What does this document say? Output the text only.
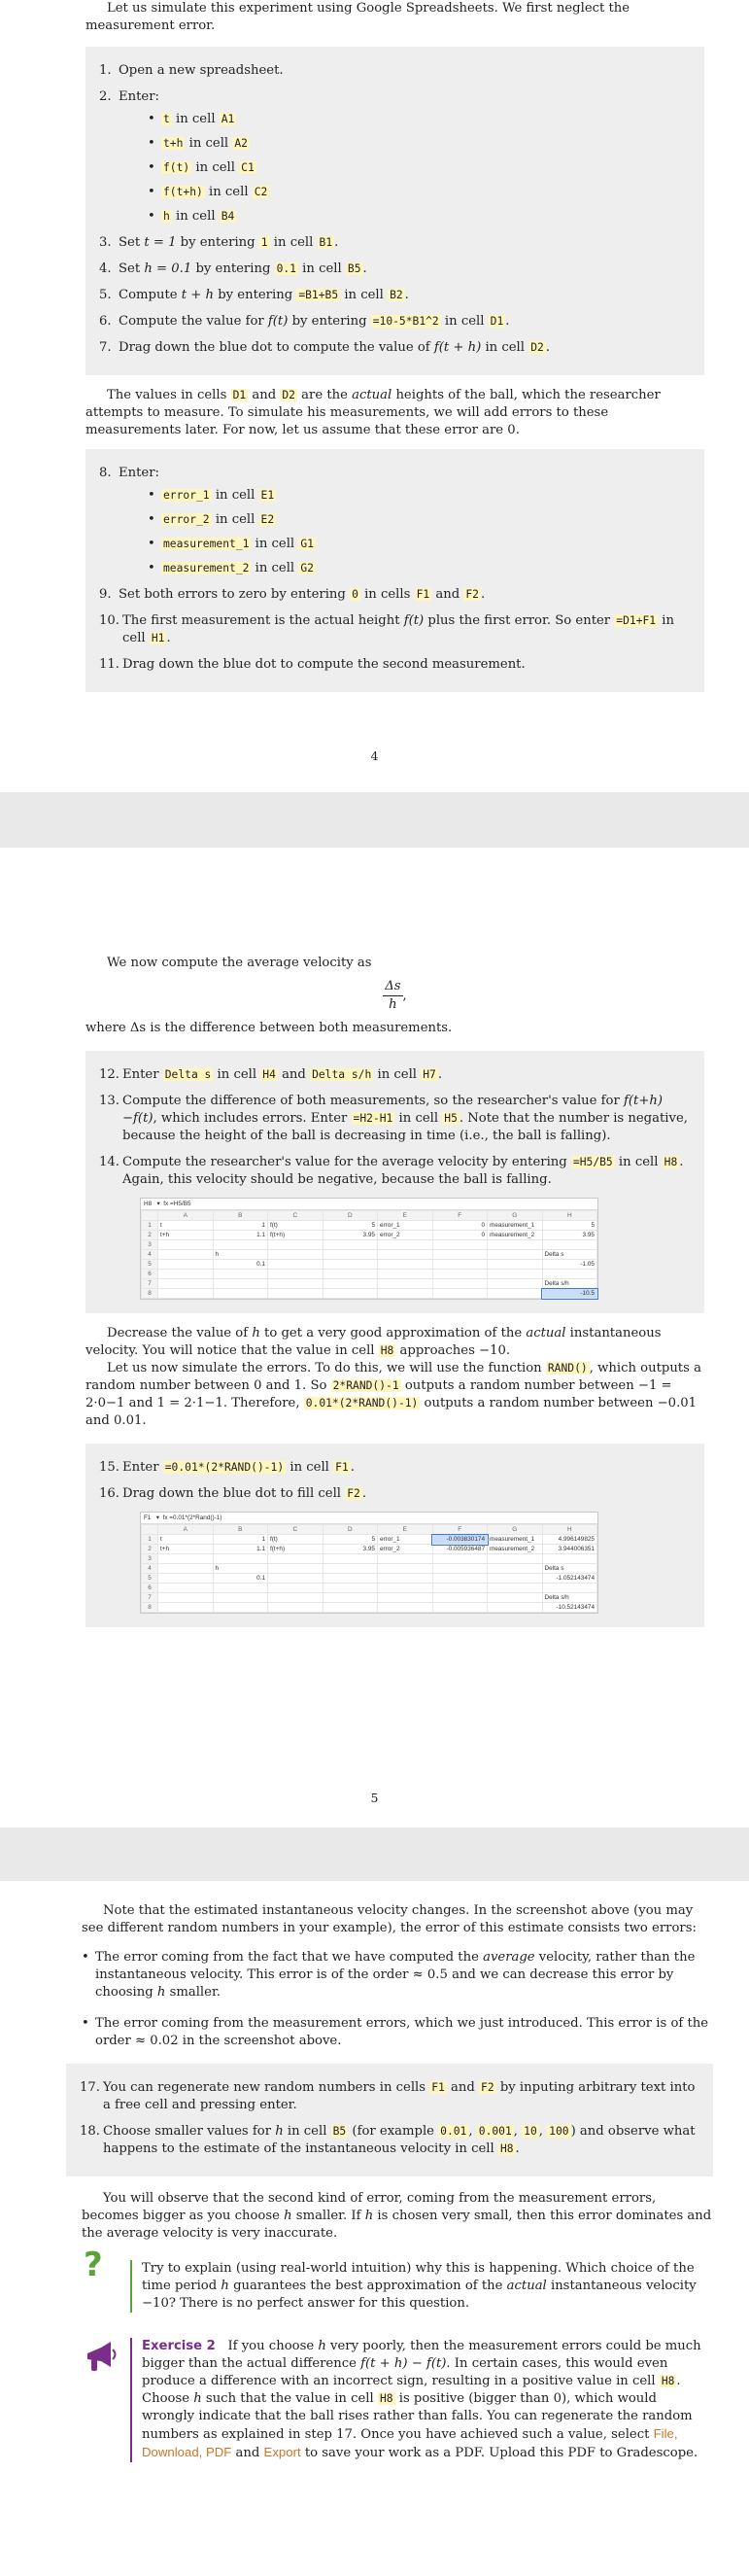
Let us simulate this experiment using Google Spreadsheets. We first neglect the measurement error.

1. Open a new spreadsheet.
2. Enter:
• t in cell A1
• t+h in cell A2
• f(t) in cell C1
• f(t+h) in cell C2
• h in cell B4
3. Set t = 1 by entering 1 in cell B1 .
4. Set h = 0.1 by entering 0.1 in cell B5 .
5. Compute t + h by entering =B1+B5 in cell B2 .
6. Compute the value for f(t) by entering =10-5*B1^2 in cell D1 .
7. Drag down the blue dot to compute the value of f(t + h) in cell D2 .

The values in cells D1 and D2 are the actual heights of the ball, which the researcher attempts to measure. To simulate his measurements, we will add errors to these measurements later. For now, let us assume that these error are 0.

8. Enter:
• error_1 in cell E1
• error_2 in cell E2
• measurement_1 in cell G1
• measurement_2 in cell G2
9. Set both errors to zero by entering 0 in cells F1 and F2 .
10. The first measurement is the actual height f(t) plus the first error. So enter =D1+F1 in cell H1 .
11. Drag down the blue dot to compute the second measurement.
4

We now compute the average velocity as

$\frac{\Delta s}{h}$ ,

where Δs is the difference between both measurements.

12. Enter Delta s in cell H4 and Delta s/h in cell H7 .
13. Compute the difference of both measurements, so the researcher's value for f(t+h)−f(t), which includes errors. Enter =H2-H1 in cell H5 . Note that the number is negative, because the height of the ball is decreasing in time (i.e., the ball is falling).
14. Compute the researcher's value for the average velocity by entering =H5/B5 in cell H8 . Again, this velocity should be negative, because the ball is falling.
H8   ▾  fx =H5/B5
	A	B	C	D	E	F	G	H
1	t	1	f(t)	5	error_1	0	measurement_1	5
2	t+h	1.1	f(t+h)	3.95	error_2	0	measurement_2	3.95
3								
4		h						Delta s
5		0.1						-1.05
6								
7								Delta s/h
8								-10.5

Decrease the value of h to get a very good approximation of the actual instantaneous velocity. You will notice that the value in cell H8 approaches −10.

Let us now simulate the errors. To do this, we will use the function RAND() , which outputs a random number between 0 and 1. So 2*RAND()-1 outputs a random number between −1 = 2·0−1 and 1 = 2·1−1. Therefore, 0.01*(2*RAND()-1) outputs a random number between −0.01 and 0.01.

15. Enter =0.01*(2*RAND()-1) in cell F1 .
16. Drag down the blue dot to fill cell F2 .
F1   ▾  fx =0.01*(2*Rand()-1)
	A	B	C	D	E	F	G	H
1	t	1	f(t)	5	error_1	-0.003830174	measurement_1	4.996149825
2	t+h	1.1	f(t+h)	3.95	error_2	-0.005936487	measurement_2	3.944006351
3								
4		h						Delta s
5		0.1						-1.052143474
6								
7								Delta s/h
8								-10.52143474
5

Note that the estimated instantaneous velocity changes. In the screenshot above (you may see different random numbers in your example), the error of this estimate consists two errors:

• The error coming from the fact that we have computed the average velocity, rather than the instantaneous velocity. This error is of the order ≈ 0.5 and we can decrease this error by choosing h smaller.
• The error coming from the measurement errors, which we just introduced. This error is of the order ≈ 0.02 in the screenshot above.
17. You can regenerate new random numbers in cells F1 and F2 by inputing arbitrary text into a free cell and pressing enter.
18. Choose smaller values for h in cell B5 (for example 0.01 , 0.001 , 10 , 100 ) and observe what happens to the estimate of the instantaneous velocity in cell H8 .

You will observe that the second kind of error, coming from the measurement errors, becomes bigger as you choose h smaller. If h is chosen very small, then this error dominates and the average velocity is very inaccurate.

?	Try to explain (using real-world intuition) why this is happening. Which choice of the time period h guarantees the best approximation of the actual instantaneous velocity −10? There is no perfect answer for this question.
Exercise 2 If you choose h very poorly, then the measurement errors could be much bigger than the actual difference f(t + h) − f(t). In certain cases, this would even produce a difference with an incorrect sign, resulting in a positive value in cell H8 . Choose h such that the value in cell H8 is positive (bigger than 0), which would wrongly indicate that the ball rises rather than falls. You can regenerate the random numbers as explained in step 17. Once you have achieved such a value, select File, Download, PDF and Export to save your work as a PDF. Upload this PDF to Gradescope.
